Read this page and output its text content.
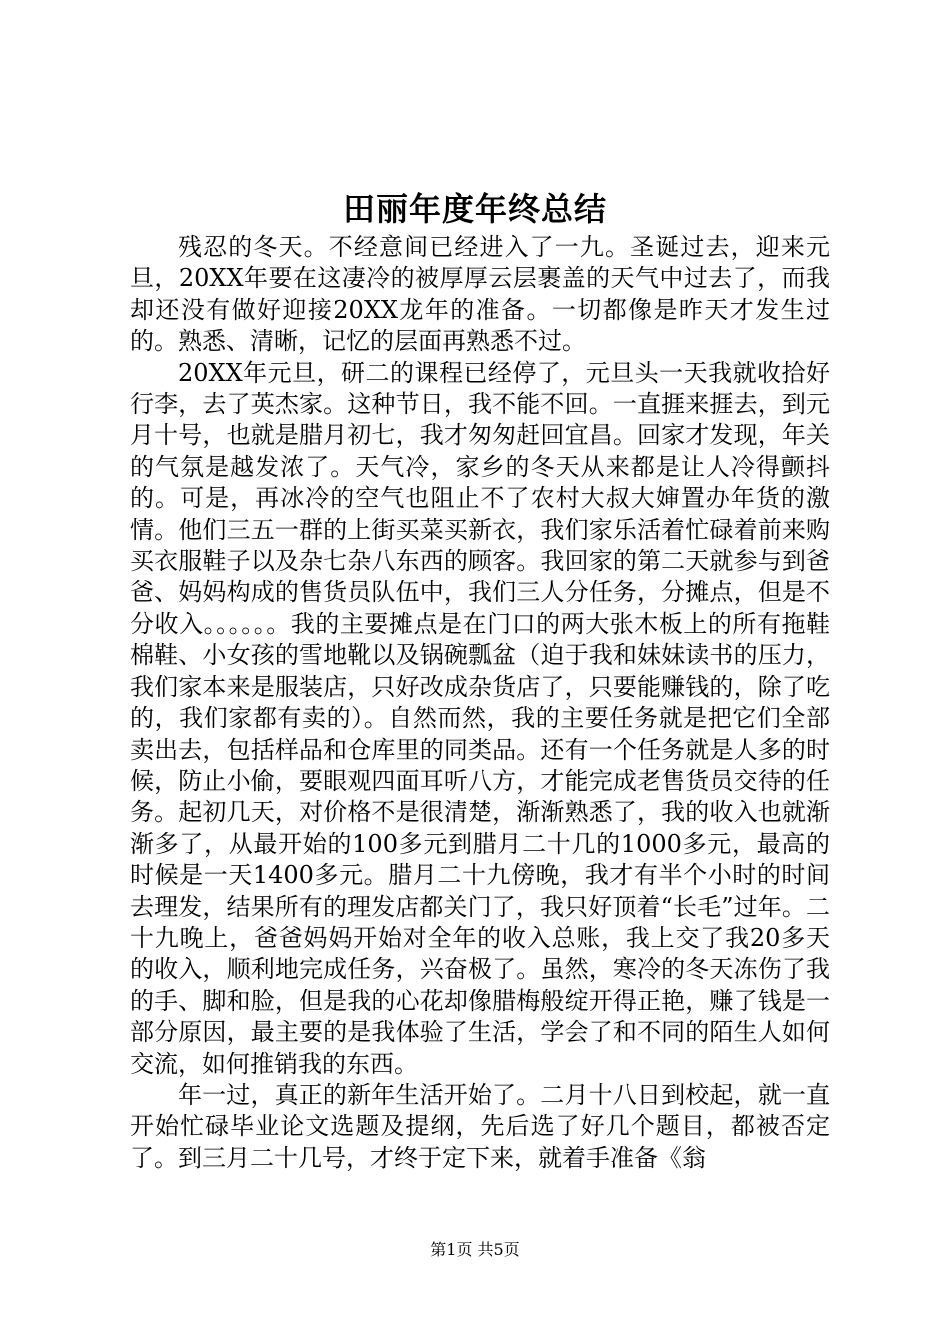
田丽年度年终总结

残忍的冬天。不经意间已经进入了一九。圣诞过去，迎来元旦，20XX年要在这凄冷的被厚厚云层裹盖的天气中过去了，而我却还没有做好迎接20XX龙年的准备。一切都像是昨天才发生过的。熟悉、清晰，记忆的层面再熟悉不过。

20XX年元旦，研二的课程已经停了，元旦头一天我就收拾好行李，去了英杰家。这种节日，我不能不回。一直捱来捱去，到元月十号，也就是腊月初七，我才匆匆赶回宜昌。回家才发现，年关的气氛是越发浓了。天气冷，家乡的冬天从来都是让人冷得颤抖的。可是，再冰冷的空气也阻止不了农村大叔大婶置办年货的激情。他们三五一群的上街买菜买新衣，我们家乐活着忙碌着前来购买衣服鞋子以及杂七杂八东西的顾客。我回家的第二天就参与到爸爸、妈妈构成的售货员队伍中，我们三人分任务，分摊点，但是不分收入。。。。。。我的主要摊点是在门口的两大张木板上的所有拖鞋棉鞋、小女孩的雪地靴以及锅碗瓢盆（迫于我和妹妹读书的压力，我们家本来是服装店，只好改成杂货店了，只要能赚钱的，除了吃的，我们家都有卖的）。自然而然，我的主要任务就是把它们全部卖出去，包括样品和仓库里的同类品。还有一个任务就是人多的时候，防止小偷，要眼观四面耳听八方，才能完成老售货员交待的任务。起初几天，对价格不是很清楚，渐渐熟悉了，我的收入也就渐渐多了，从最开始的100多元到腊月二十几的1000多元，最高的时候是一天1400多元。腊月二十九傍晚，我才有半个小时的时间去理发，结果所有的理发店都关门了，我只好顶着“长毛”过年。二十九晚上，爸爸妈妈开始对全年的收入总账，我上交了我20多天的收入，顺利地完成任务，兴奋极了。虽然，寒冷的冬天冻伤了我的手、脚和脸，但是我的心花却像腊梅般绽开得正艳，赚了钱是一部分原因，最主要的是我体验了生活，学会了和不同的陌生人如何交流，如何推销我的东西。

年一过，真正的新年生活开始了。二月十八日到校起，就一直开始忙碌毕业论文选题及提纲，先后选了好几个题目，都被否定了。到三月二十几号，才终于定下来，就着手准备《翁

第1页 共5页
